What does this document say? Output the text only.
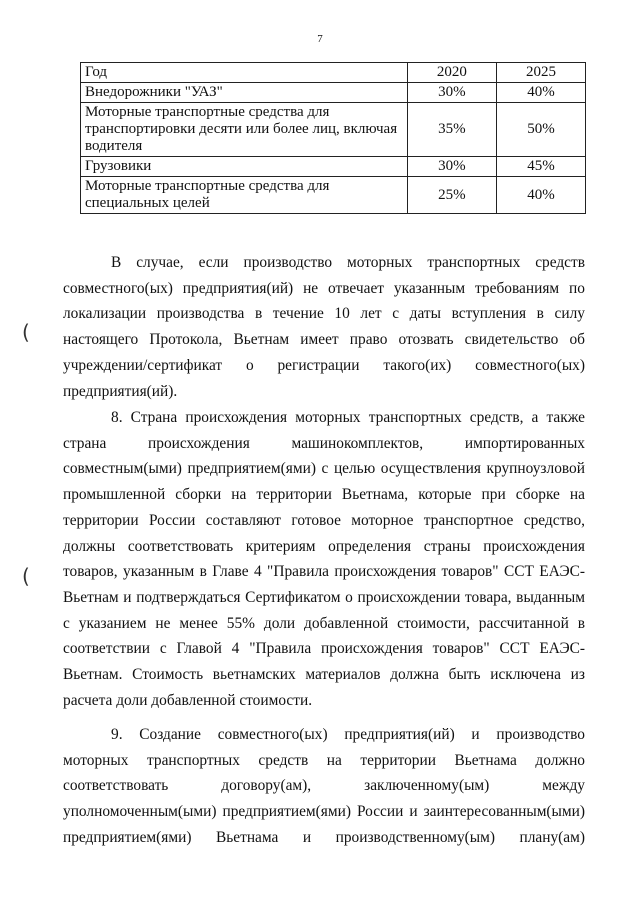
7
Год	2020	2025
Внедорожники "УАЗ"	30%	40%
Моторные транспортные средства для транспортировки десяти или более лиц, включая водителя	35%	50%
Грузовики	30%	45%
Моторные транспортные средства для специальных целей	25%	40%

В случае, если производство моторных транспортных средств совместного(ых) предприятия(ий) не отвечает указанным требованиям по локализации производства в течение 10 лет с даты вступления в силу настоящего Протокола, Вьетнам имеет право отозвать свидетельство об учреждении/сертификат о регистрации такого(их) совместного(ых) предприятия(ий).

8. Страна происхождения моторных транспортных средств, а также страна происхождения машинокомплектов, импортированных совместным(ыми) предприятием(ями) с целью осуществления крупноузловой промышленной сборки на территории Вьетнама, которые при сборке на территории России составляют готовое моторное транспортное средство, должны соответствовать критериям определения страны происхождения товаров, указанным в Главе 4 "Правила происхождения товаров" ССТ ЕАЭС-Вьетнам и подтверждаться Сертификатом о происхождении товара, выданным с указанием не менее 55% доли добавленной стоимости, рассчитанной в соответствии с Главой 4 "Правила происхождения товаров" ССТ ЕАЭС-Вьетнам. Стоимость вьетнамских материалов должна быть исключена из расчета доли добавленной стоимости.

9. Создание совместного(ых) предприятия(ий) и производство моторных транспортных средств на территории Вьетнама должно соответствовать договору(ам), заключенному(ым) между уполномоченным(ыми) предприятием(ями) России и заинтересованным(ыми) предприятием(ями) Вьетнама и производственному(ым) плану(ам)

(
(
